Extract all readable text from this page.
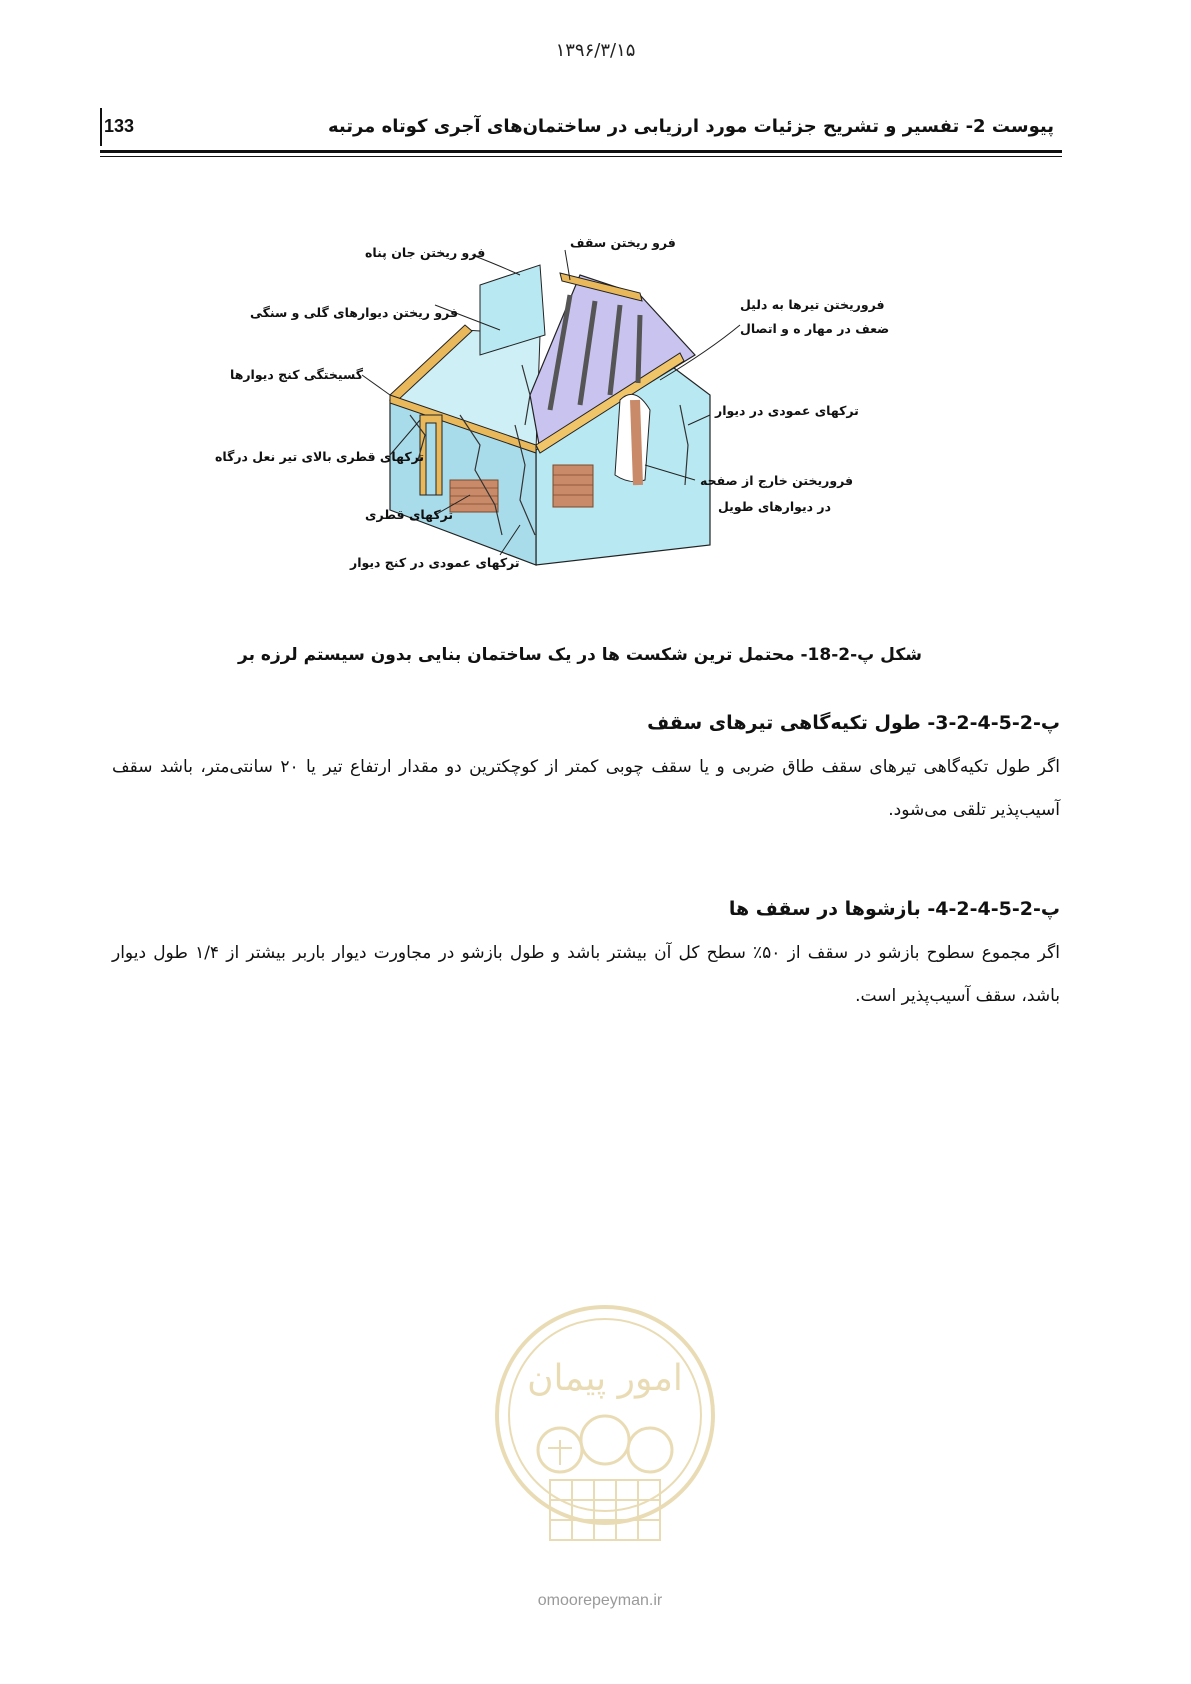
۱۳۹۶/۳/۱۵
133	پیوست 2- تفسیر و تشریح جزئیات مورد ارزیابی در ساختمان‌های آجری کوتاه مرتبه
فرو ریختن جان پناه
فرو ریختن سقف
فرو ریختن دیوارهای گلی و سنگی
فروریختن تیرها به دلیل
ضعف در مهار ه و اتصال
گسیختگی کنج دیوارها
ترکهای عمودی در دیوار
ترکهای قطری بالای تیر نعل درگاه
فروریختن خارج از صفحه
در دیوارهای طویل
ترکهای قطری
ترکهای عمودی در کنج دیوار
شکل پ-2-18- محتمل ترین شکست ها در یک ساختمان بنایی بدون سیستم لرزه بر
پ-2-5-4-2-3- طول تکیه‌گاهی تیرهای سقف

اگر طول تکیه‌گاهی تیرهای سقف طاق ضربی و یا سقف چوبی کمتر از کوچکترین دو مقدار ارتفاع تیر یا ۲۰ سانتی‌متر، باشد سقف آسیب‌پذیر تلقی می‌شود.

پ-2-5-4-2-4- بازشوها در سقف ها

اگر مجموع سطوح بازشو در سقف از ۵۰٪ سطح کل آن بیشتر باشد و طول بازشو در مجاورت دیوار باربر بیشتر از ۱/۴ طول دیوار باشد، سقف آسیب‌پذیر است.

امور پیمان
omoorepeyman.ir
